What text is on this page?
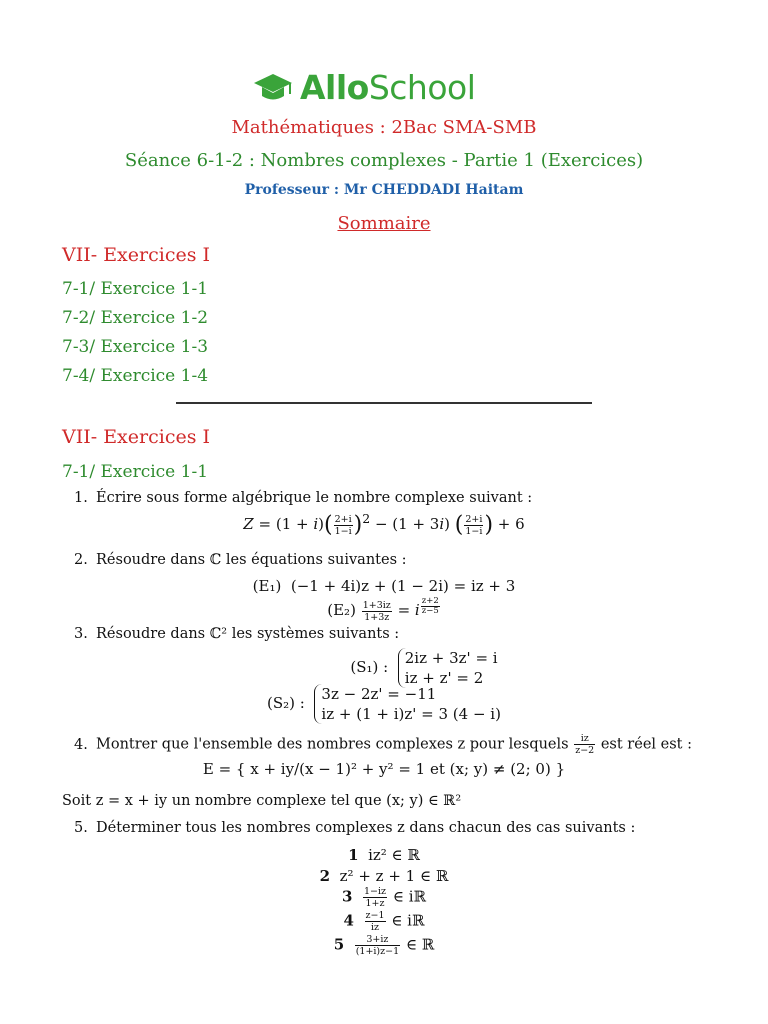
AlloSchool
Mathématiques : 2Bac SMA-SMB
Séance 6-1-2 : Nombres complexes - Partie 1 (Exercices)
Professeur : Mr CHEDDADI Haitam
Sommaire
VII- Exercices I
7-1/ Exercice 1-1
7-2/ Exercice 1-2
7-3/ Exercice 1-3
7-4/ Exercice 1-4
VII- Exercices I
7-1/ Exercice 1-1
1. Écrire sous forme algébrique le nombre complexe suivant :
$Z = (1 + i)( \frac{2+i}{1-i} )^2 - (1 + 3i)$ ( $\frac{2+i}{1-i}$ ) + 6
2. Résoudre dans ℂ les équations suivantes :
(E₁) (−1 + 4i)z + (1 − 2i) = iz + 3
$(E_2) \frac{1+3iz}{1+3z} = i$ $^{\frac{z+2}{z-5}}$
3. Résoudre dans ℂ² les systèmes suivants :
(S₁) : 2iz + 3z' = i
iz + z' = 2
(S₂) : 3z − 2z' = −11
iz + (1 + i)z' = 3 (4 − i)
4. Montrer que l'ensemble des nombres complexes z pour lesquels $\frac{iz}{z-2}$ est réel est :
E = { x + iy/(x − 1)² + y² = 1 et (x; y) ≠ (2; 0) }
Soit z = x + iy un nombre complexe tel que (x; y) ∈ ℝ²
5. Déterminer tous les nombres complexes z dans chacun des cas suivants :
1 iz² ∈ ℝ
2 z² + z + 1 ∈ ℝ
$3 \frac{1-iz}{1+z}$ ∈ iℝ
$4 \frac{z-1}{iz}$ ∈ iℝ
$5 \frac{3+iz}{(1+i)z-1}$ ∈ ℝ
